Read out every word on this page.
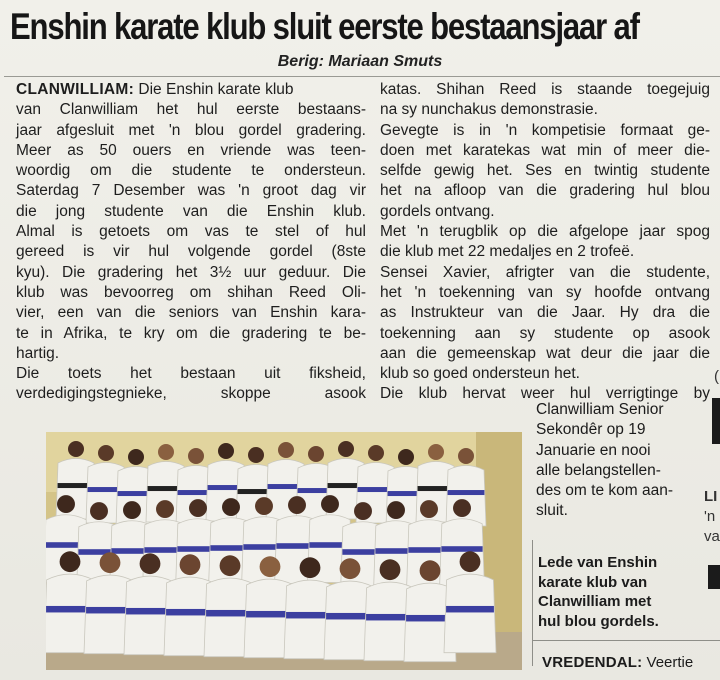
Enshin karate klub sluit eerste bestaansjaar af
Berig: Mariaan Smuts
CLANWILLIAM: Die Enshin karate klub
van Clanwilliam het hul eerste bestaans-
jaar afgesluit met 'n blou gordel gradering.
Meer as 50 ouers en vriende was teen-
woordig om die studente te ondersteun.
Saterdag 7 Desember was 'n groot dag vir
die jong studente van die Enshin klub.
Almal is getoets om vas te stel of hul
gereed is vir hul volgende gordel (8ste
kyu). Die gradering het 3½ uur geduur. Die
klub was bevoorreg om shihan Reed Oli-
vier, een van die seniors van Enshin kara-
te in Afrika, te kry om die gradering te be-
hartig.
Die toets het bestaan uit fiksheid,
verdedigingstegnieke, skoppe asook
katas. Shihan Reed is staande toegejuig
na sy nunchakus demonstrasie.
Gevegte is in 'n kompetisie formaat ge-
doen met karatekas wat min of meer die-
selfde gewig het. Ses en twintig studente
het na afloop van die gradering hul blou
gordels ontvang.
Met 'n terugblik op die afgelope jaar spog
die klub met 22 medaljes en 2 trofeë.
Sensei Xavier, afrigter van die studente,
het 'n toekenning van sy hoofde ontvang
as Instrukteur van die Jaar. Hy dra die
toekenning aan sy studente op asook
aan die gemeenskap wat deur die jaar die
klub so goed ondersteun het.
Die klub hervat weer hul verrigtinge by
Clanwilliam Senior
Sekondêr op 19
Januarie en nooi
alle belangstellen-
des om te kom aan-
sluit.
Lede van Enshin
karate klub van
Clanwilliam met
hul blou gordels.
VREDENDAL: Veertie
LI
'n
va
(
